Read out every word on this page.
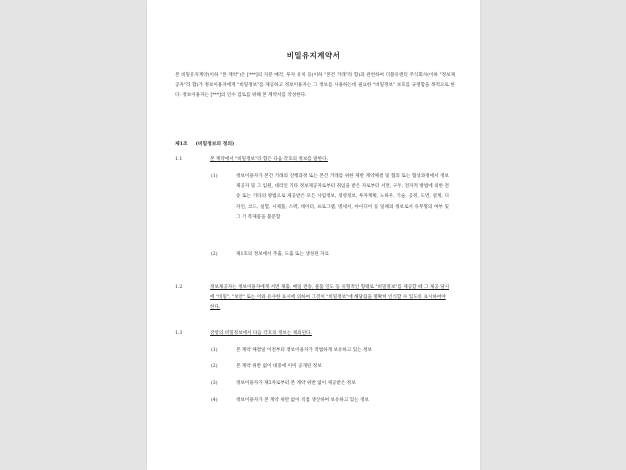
비밀유지계약서

본 비밀유지계약(이하 "본 계약")은 [***]의 지분 매각, 투자 유치 등(이하 "본건 거래"라 함)과 관련하여 더블유엔티 주식회사(이하 "정보제공자"라 함)가 정보이용자에게 "비밀정보"를 제공하고 정보이용자는 그 정보를 사용하는데 필요한 "비밀정보" 보호를 규정함을 목적으로 한다. 정보이용자는 [***]의 인수 검토를 위해 본 계약서를 작성한다.

제1조 (비밀정보의 정의)
1.1	본 계약에서 "비밀정보"라 함은 다음 각호의 정보를 말한다.

(1)	정보이용자가 본건 거래의 진행과정 또는 본건 거래를 위한 제반 계약체결 및 협의 또는 협상과정에서 정보제공자 및 그 임원, 대리인 기타 정보제공자로부터 취임을 받은 자로부터 서면, 구두, 전자적 방법에 의한 전송 또는 기타의 방법으로 제공받은 모든 사업정보, 경영정보, 투자계획, 노하우, 기술, 공정, 도면, 설계, 디자인, 코드, 실험, 시제품, 스펙, 데이터, 프로그램, 명세서, 아이디어 등 일체의 정보로서 유무형의 여부 및 그 기 복제품을 불문함

(2)	제1호의 정보에서 추출, 도출 또는 생성된 자료

1.2	정보제공자는 정보이용자에게 서면 제출, 메일 전송, 물품 인도 등 유형적인 형태로 "비밀정보"를 제공할 때 그 제공 당시에 "비밀", "보안" 또는 이와 유사한 표시에 의하여 그것이 "비밀정보"에 해당됨을 명확히 인식할 수 있도록 표시하여야 한다.

1.3	전항의 비밀정보에서 다음 각호의 정보는 제외된다.

(1)	본 계약 체결일 이전부터 정보이용자가 적법하게 보유하고 있는 정보

(2)	본 계약 위반 없이 대중에 이미 공개된 정보

(3)	정보이용자가 제3자로부터 본 계약 위반 없이 제공받은 정보

(4)	정보이용자가 본 계약 위반 없이 직접 생산하여 보유하고 있는 정보
